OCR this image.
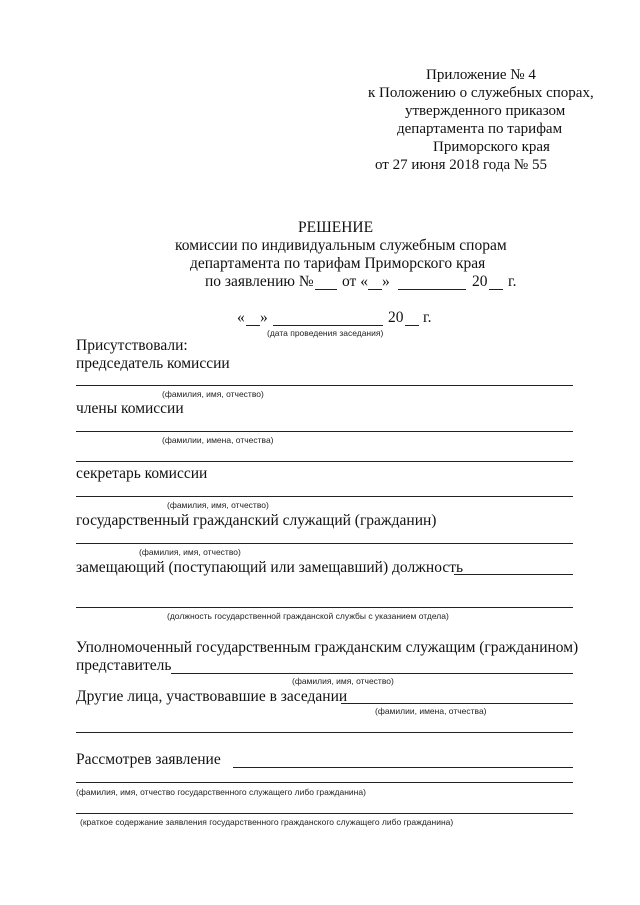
Приложение № 4
к Положению о служебных спорах,
утвержденного приказом
департамента по тарифам
Приморского края
от 27 июня 2018 года № 55
РЕШЕНИЕ
комиссии по индивидуальным служебным спорам
департамента по тарифам Приморского края
по заявлению № от « »	20 г.
« »	20 г.
(дата проведения заседания)
Присутствовали:
председатель комиссии
(фамилия, имя, отчество)
члены комиссии
(фамилии, имена, отчества)
секретарь комиссии
(фамилия, имя, отчество)
государственный гражданский служащий (гражданин)
(фамилия, имя, отчество)
замещающий (поступающий или замещавший) должность
(должность государственной гражданской службы с указанием отдела)
Уполномоченный государственным гражданским служащим (гражданином)
представитель
(фамилия, имя, отчество)
Другие лица, участвовавшие в заседании
(фамилии, имена, отчества)
Рассмотрев заявление
(фамилия, имя, отчество государственного служащего либо гражданина)
(краткое содержание заявления государственного гражданского служащего либо гражданина)
